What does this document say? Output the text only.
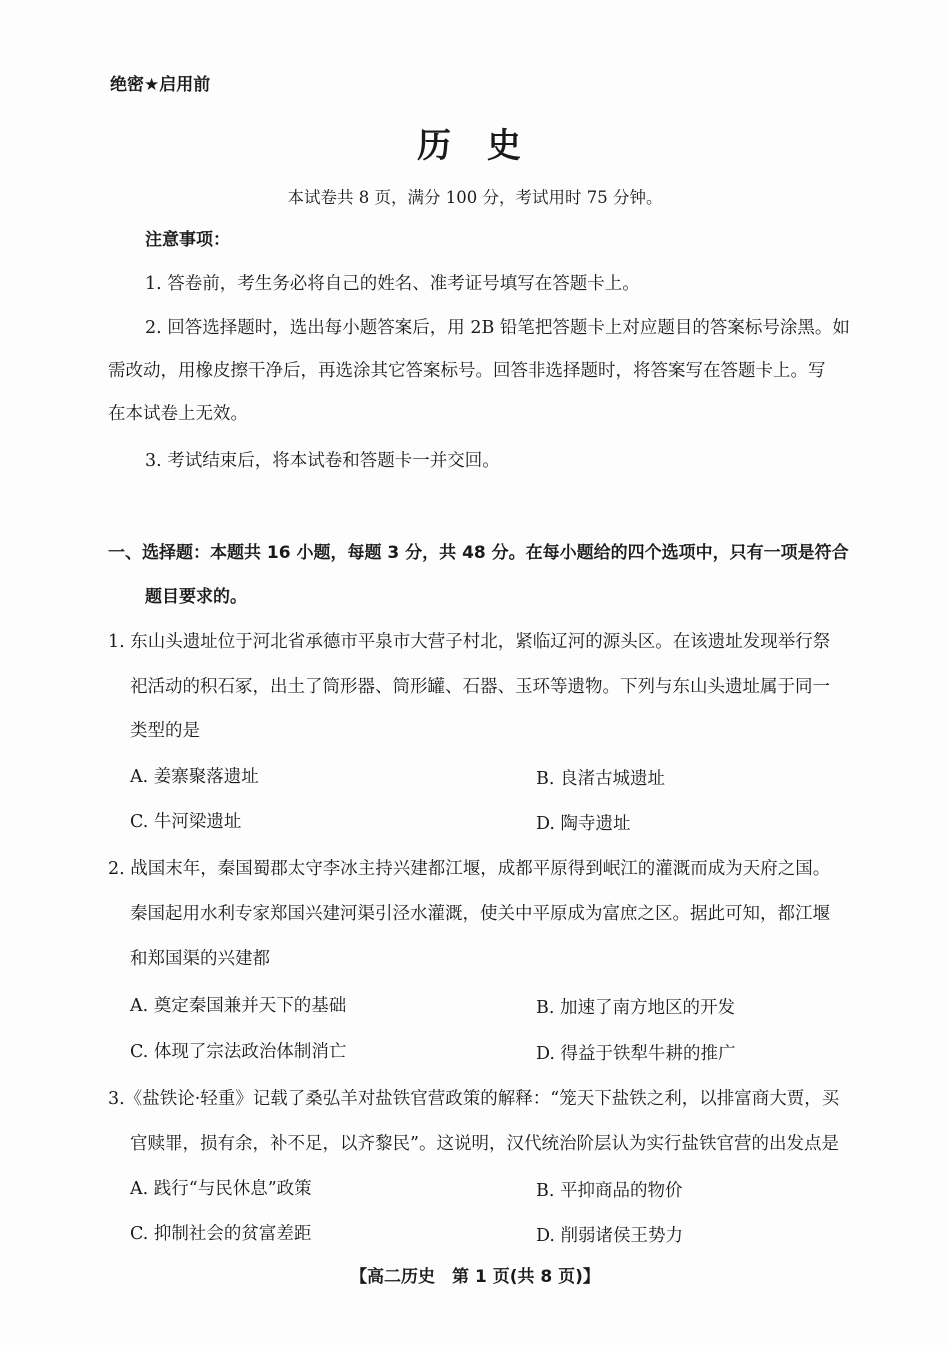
绝密★启用前
历 史
本试卷共 8 页，满分 100 分，考试用时 75 分钟。
注意事项：
1. 答卷前，考生务必将自己的姓名、准考证号填写在答题卡上。
2. 回答选择题时，选出每小题答案后，用 2B 铅笔把答题卡上对应题目的答案标号涂黑。如
需改动，用橡皮擦干净后，再选涂其它答案标号。回答非选择题时，将答案写在答题卡上。写
在本试卷上无效。
3. 考试结束后，将本试卷和答题卡一并交回。
一、选择题：本题共 16 小题，每题 3 分，共 48 分。在每小题给的四个选项中，只有一项是符合
题目要求的。
1. 东山头遗址位于河北省承德市平泉市大营子村北，紧临辽河的源头区。在该遗址发现举行祭
祀活动的积石冢，出土了筒形器、筒形罐、石器、玉环等遗物。下列与东山头遗址属于同一
类型的是
A. 姜寨聚落遗址	B. 良渚古城遗址
C. 牛河梁遗址	D. 陶寺遗址
2. 战国末年，秦国蜀郡太守李冰主持兴建都江堰，成都平原得到岷江的灌溉而成为天府之国。
秦国起用水利专家郑国兴建河渠引泾水灌溉，使关中平原成为富庶之区。据此可知，都江堰
和郑国渠的兴建都
A. 奠定秦国兼并天下的基础	B. 加速了南方地区的开发
C. 体现了宗法政治体制消亡	D. 得益于铁犁牛耕的推广
3.《盐铁论·轻重》记载了桑弘羊对盐铁官营政策的解释：“笼天下盐铁之利，以排富商大贾，买
官赎罪，损有余，补不足，以齐黎民”。这说明，汉代统治阶层认为实行盐铁官营的出发点是
A. 践行“与民休息”政策	B. 平抑商品的物价
C. 抑制社会的贫富差距	D. 削弱诸侯王势力
【高二历史　第 1 页(共 8 页)】
